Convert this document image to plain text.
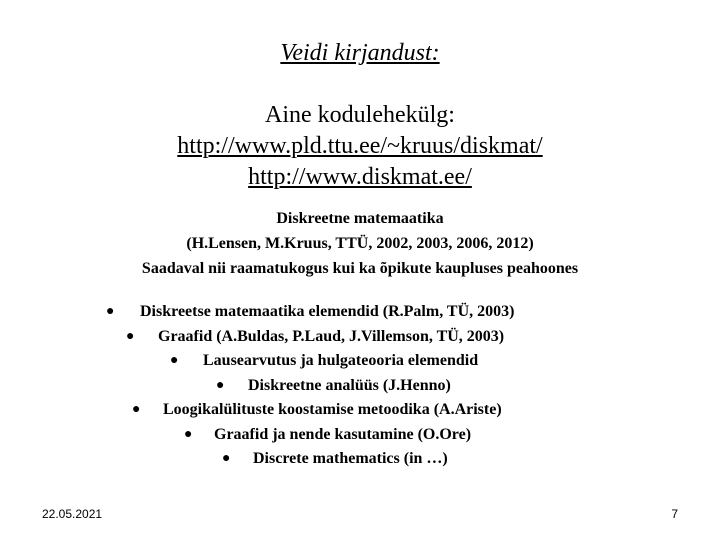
Veidi kirjandust:
Aine kodulehekülg:
http://www.pld.ttu.ee/~kruus/diskmat/
http://www.diskmat.ee/
Diskreetne matemaatika
(H.Lensen, M.Kruus, TTÜ, 2002, 2003, 2006, 2012)
Saadaval nii raamatukogus kui ka õpikute kaupluses peahoones
● Diskreetse matemaatika elemendid (R.Palm, TÜ, 2003)
● Graafid (A.Buldas, P.Laud, J.Villemson, TÜ, 2003)
● Lausearvutus ja hulgateooria elemendid
● Diskreetne analüüs (J.Henno)
● Loogikalülituste koostamise metoodika (A.Ariste)
● Graafid ja nende kasutamine (O.Ore)
● Discrete mathematics (in …)
22.05.2021	7
